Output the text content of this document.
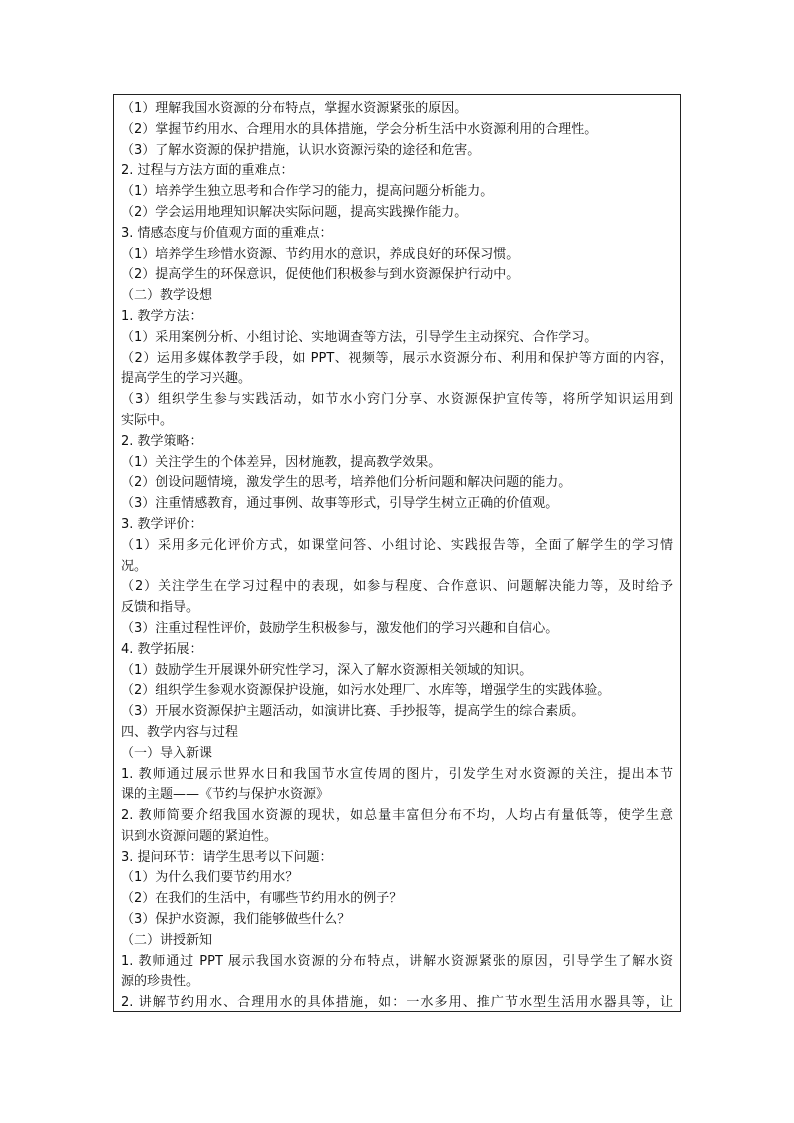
（1）理解我国水资源的分布特点，掌握水资源紧张的原因。
（2）掌握节约用水、合理用水的具体措施，学会分析生活中水资源利用的合理性。
（3）了解水资源的保护措施，认识水资源污染的途径和危害。
2. 过程与方法方面的重难点：
（1）培养学生独立思考和合作学习的能力，提高问题分析能力。
（2）学会运用地理知识解决实际问题，提高实践操作能力。
3. 情感态度与价值观方面的重难点：
（1）培养学生珍惜水资源、节约用水的意识，养成良好的环保习惯。
（2）提高学生的环保意识，促使他们积极参与到水资源保护行动中。
（二）教学设想
1. 教学方法：
（1）采用案例分析、小组讨论、实地调查等方法，引导学生主动探究、合作学习。
（2）运用多媒体教学手段，如 PPT、视频等，展示水资源分布、利用和保护等方面的内容，
提高学生的学习兴趣。
（3）组织学生参与实践活动，如节水小窍门分享、水资源保护宣传等，将所学知识运用到
实际中。
2. 教学策略：
（1）关注学生的个体差异，因材施教，提高教学效果。
（2）创设问题情境，激发学生的思考，培养他们分析问题和解决问题的能力。
（3）注重情感教育，通过事例、故事等形式，引导学生树立正确的价值观。
3. 教学评价：
（1）采用多元化评价方式，如课堂问答、小组讨论、实践报告等，全面了解学生的学习情
况。
（2）关注学生在学习过程中的表现，如参与程度、合作意识、问题解决能力等，及时给予
反馈和指导。
（3）注重过程性评价，鼓励学生积极参与，激发他们的学习兴趣和自信心。
4. 教学拓展：
（1）鼓励学生开展课外研究性学习，深入了解水资源相关领域的知识。
（2）组织学生参观水资源保护设施，如污水处理厂、水库等，增强学生的实践体验。
（3）开展水资源保护主题活动，如演讲比赛、手抄报等，提高学生的综合素质。
四、教学内容与过程
（一）导入新课
1. 教师通过展示世界水日和我国节水宣传周的图片，引发学生对水资源的关注，提出本节
课的主题——《节约与保护水资源》
2. 教师简要介绍我国水资源的现状，如总量丰富但分布不均，人均占有量低等，使学生意
识到水资源问题的紧迫性。
3. 提问环节：请学生思考以下问题：
（1）为什么我们要节约用水？
（2）在我们的生活中，有哪些节约用水的例子？
（3）保护水资源，我们能够做些什么？
（二）讲授新知
1. 教师通过 PPT 展示我国水资源的分布特点，讲解水资源紧张的原因，引导学生了解水资
源的珍贵性。
2. 讲解节约用水、合理用水的具体措施，如：一水多用、推广节水型生活用水器具等，让
